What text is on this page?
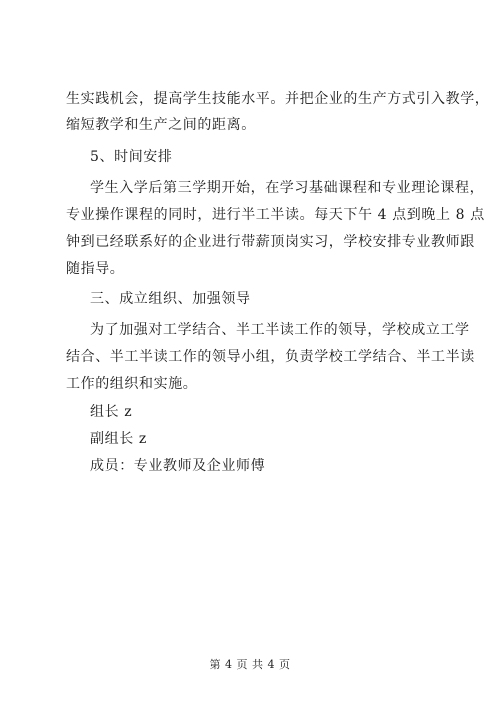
生实践机会，提高学生技能水平。并把企业的生产方式引入教学，
缩短教学和生产之间的距离。
5、时间安排
学生入学后第三学期开始，在学习基础课程和专业理论课程，
专业操作课程的同时，进行半工半读。每天下午 4 点到晚上 8 点
钟到已经联系好的企业进行带薪顶岗实习，学校安排专业教师跟
随指导。
三、成立组织、加强领导
为了加强对工学结合、半工半读工作的领导，学校成立工学
结合、半工半读工作的领导小组，负责学校工学结合、半工半读
工作的组织和实施。
组长 z
副组长 z
成员：专业教师及企业师傅
第 4 页 共 4 页
